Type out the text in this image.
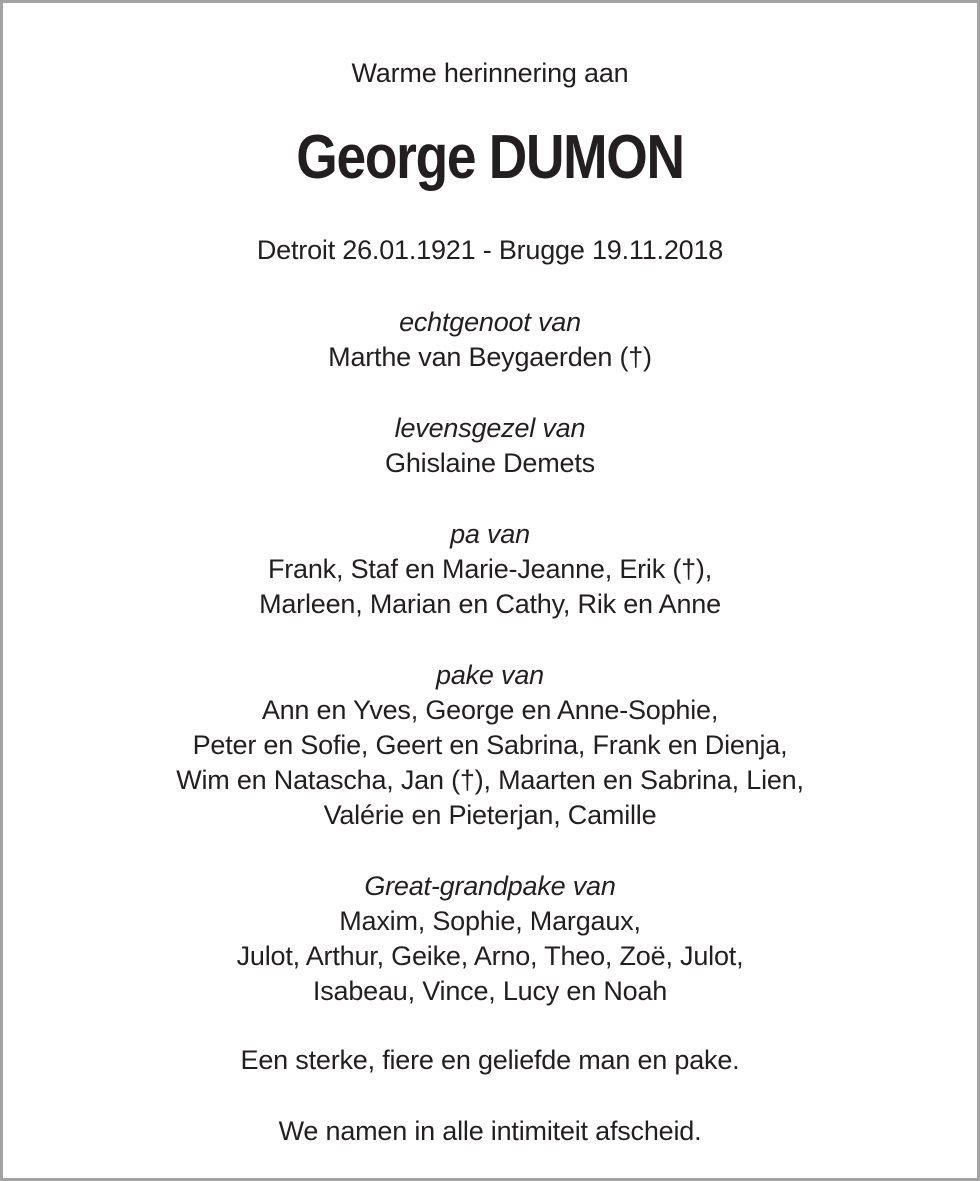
Warme herinnering aan
George DUMON
Detroit 26.01.1921 - Brugge 19.11.2018
echtgenoot van
Marthe van Beygaerden (†)
levensgezel van
Ghislaine Demets
pa van
Frank, Staf en Marie-Jeanne, Erik (†),
Marleen, Marian en Cathy, Rik en Anne
pake van
Ann en Yves, George en Anne-Sophie,
Peter en Sofie, Geert en Sabrina, Frank en Dienja,
Wim en Natascha, Jan (†), Maarten en Sabrina, Lien,
Valérie en Pieterjan, Camille
Great-grandpake van
Maxim, Sophie, Margaux,
Julot, Arthur, Geike, Arno, Theo, Zoë, Julot,
Isabeau, Vince, Lucy en Noah
Een sterke, fiere en geliefde man en pake.
We namen in alle intimiteit afscheid.
